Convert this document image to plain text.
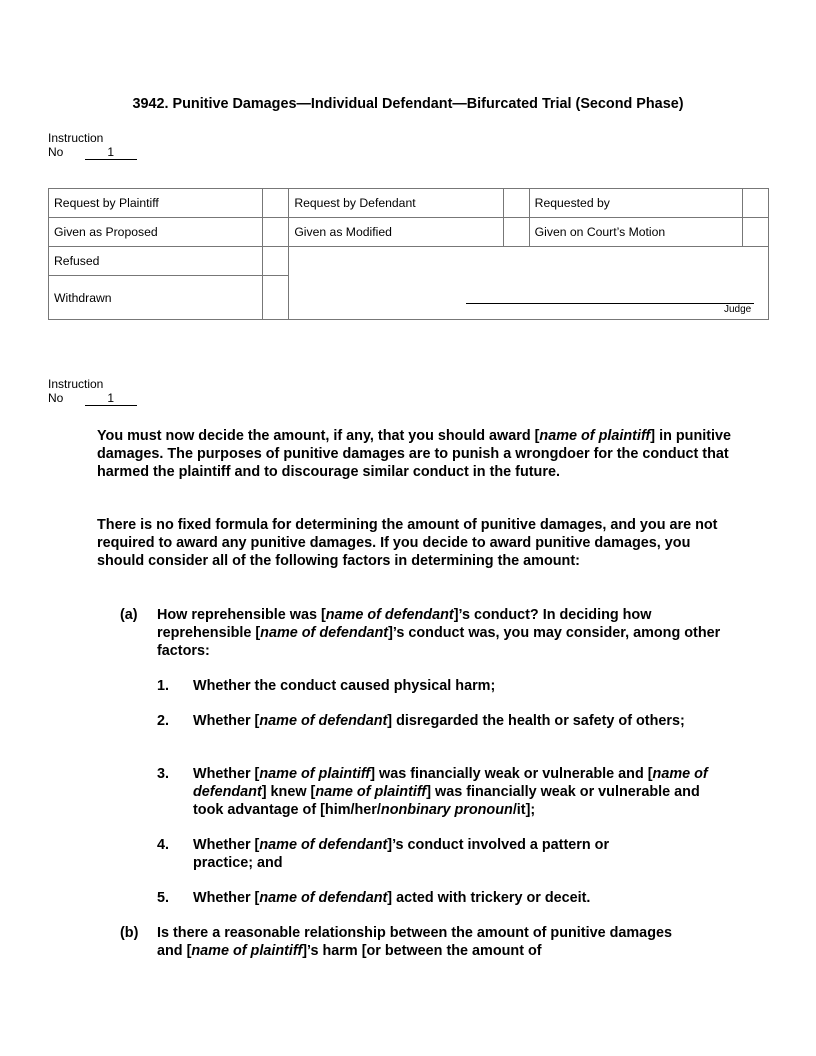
3942. Punitive Damages—Individual Defendant—Bifurcated Trial (Second Phase)
Instruction
No	1
Request by Plaintiff		Request by Defendant		Requested by	
Given as Proposed		Given as Modified		Given on Court’s Motion	
Refused					
Withdrawn					
Judge
Instruction
No	1

You must now decide the amount, if any, that you should award [name of plaintiff] in punitive damages. The purposes of punitive damages are to punish a wrongdoer for the conduct that harmed the plaintiff and to discourage similar conduct in the future.

There is no fixed formula for determining the amount of punitive damages, and you are not required to award any punitive damages. If you decide to award punitive damages, you should consider all of the following factors in determining the amount:

(a) How reprehensible was [name of defendant]’s conduct? In deciding how reprehensible [name of defendant]’s conduct was, you may consider, among other factors:
1. Whether the conduct caused physical harm;
2. Whether [name of defendant] disregarded the health or safety of others;
3. Whether [name of plaintiff] was financially weak or vulnerable and [name of defendant] knew [name of plaintiff] was financially weak or vulnerable and took advantage of [him/her/nonbinary pronoun/it];
4. Whether [name of defendant]’s conduct involved a pattern or practice; and
5. Whether [name of defendant] acted with trickery or deceit.
(b) Is there a reasonable relationship between the amount of punitive damages and [name of plaintiff]’s harm [or between the amount of
